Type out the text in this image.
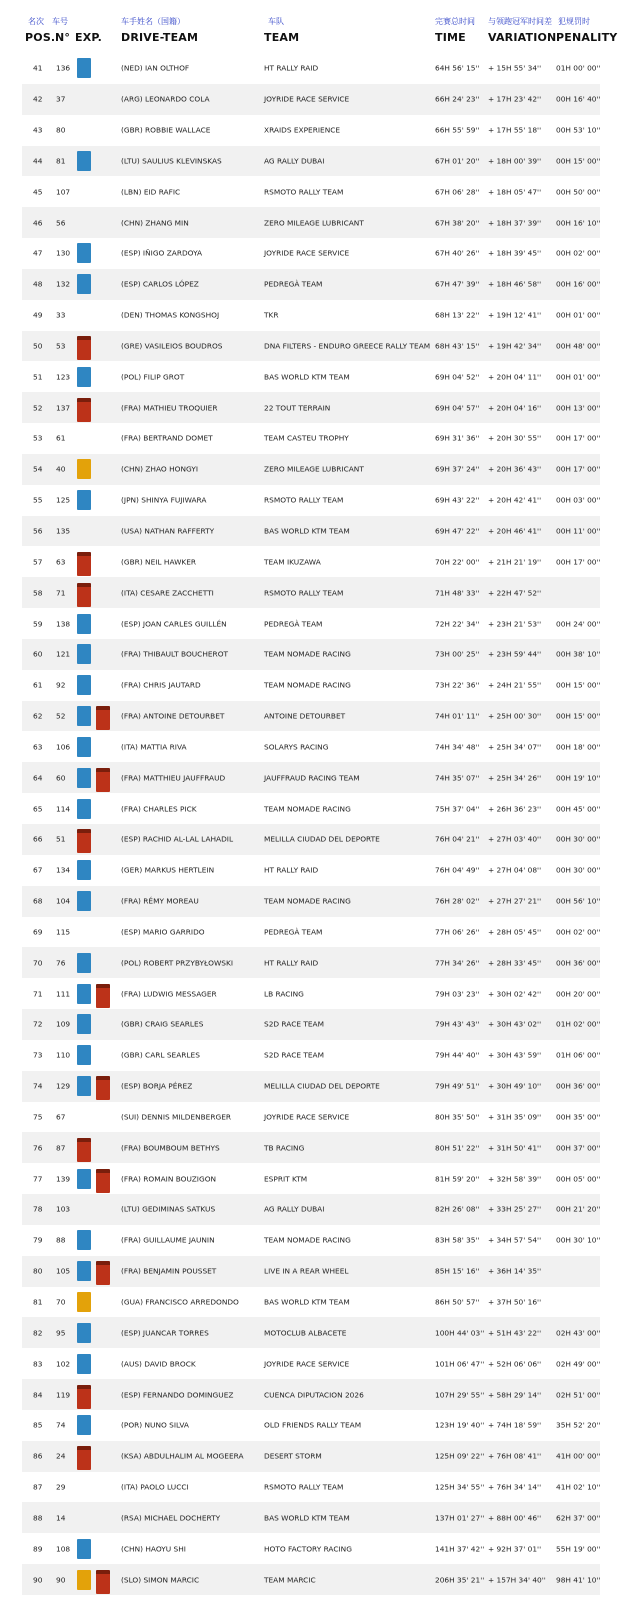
名次 车号	车手姓名（国籍）	车队	完赛总时间 与领跑冠军时间差 犯规罚时
POS. N° EXP. DRIVE-TEAM	TEAM	TIME VARIATION PENALITY
41 136	(NED) IAN OLTHOF	HT RALLY RAID	64H 56' 15'' + 15H 55' 34'' 01H 00' 00''
42 37	(ARG) LEONARDO COLA	JOYRIDE RACE SERVICE	66H 24' 23'' + 17H 23' 42'' 00H 16' 40''
43 80	(GBR) ROBBIE WALLACE	XRAIDS EXPERIENCE	66H 55' 59'' + 17H 55' 18'' 00H 53' 10''
44 81	(LTU) SAULIUS KLEVINSKAS	AG RALLY DUBAI	67H 01' 20'' + 18H 00' 39'' 00H 15' 00''
45 107	(LBN) EID RAFIC	RSMOTO RALLY TEAM	67H 06' 28'' + 18H 05' 47'' 00H 50' 00''
46 56	(CHN) ZHANG MIN	ZERO MILEAGE LUBRICANT	67H 38' 20'' + 18H 37' 39'' 00H 16' 10''
47 130	(ESP) IÑIGO ZARDOYA	JOYRIDE RACE SERVICE	67H 40' 26'' + 18H 39' 45'' 00H 02' 00''
48 132	(ESP) CARLOS LÓPEZ	PEDREGÀ TEAM	67H 47' 39'' + 18H 46' 58'' 00H 16' 00''
49 33	(DEN) THOMAS KONGSHOJ	TKR	68H 13' 22'' + 19H 12' 41'' 00H 01' 00''
50 53	(GRE) VASILEIOS BOUDROS	DNA FILTERS - ENDURO GREECE RALLY TEAM 68H 43' 15'' + 19H 42' 34'' 00H 48' 00''
51 123	(POL) FILIP GROT	BAS WORLD KTM TEAM	69H 04' 52'' + 20H 04' 11'' 00H 01' 00''
52 137	(FRA) MATHIEU TROQUIER	22 TOUT TERRAIN	69H 04' 57'' + 20H 04' 16'' 00H 13' 00''
53 61	(FRA) BERTRAND DOMET	TEAM CASTEU TROPHY	69H 31' 36'' + 20H 30' 55'' 00H 17' 00''
54 40	(CHN) ZHAO HONGYI	ZERO MILEAGE LUBRICANT	69H 37' 24'' + 20H 36' 43'' 00H 17' 00''
55 125	(JPN) SHINYA FUJIWARA	RSMOTO RALLY TEAM	69H 43' 22'' + 20H 42' 41'' 00H 03' 00''
56 135	(USA) NATHAN RAFFERTY	BAS WORLD KTM TEAM	69H 47' 22'' + 20H 46' 41'' 00H 11' 00''
57 63	(GBR) NEIL HAWKER	TEAM IKUZAWA	70H 22' 00'' + 21H 21' 19'' 00H 17' 00''
58 71	(ITA) CESARE ZACCHETTI	RSMOTO RALLY TEAM	71H 48' 33'' + 22H 47' 52''
59 138	(ESP) JOAN CARLES GUILLÉN	PEDREGÀ TEAM	72H 22' 34'' + 23H 21' 53'' 00H 24' 00''
60 121	(FRA) THIBAULT BOUCHEROT	TEAM NOMADE RACING	73H 00' 25'' + 23H 59' 44'' 00H 38' 10''
61 92	(FRA) CHRIS JAUTARD	TEAM NOMADE RACING	73H 22' 36'' + 24H 21' 55'' 00H 15' 00''
62 52	(FRA) ANTOINE DETOURBET	ANTOINE DETOURBET	74H 01' 11'' + 25H 00' 30'' 00H 15' 00''
63 106	(ITA) MATTIA RIVA	SOLARYS RACING	74H 34' 48'' + 25H 34' 07'' 00H 18' 00''
64 60	(FRA) MATTHIEU JAUFFRAUD	JAUFFRAUD RACING TEAM	74H 35' 07'' + 25H 34' 26'' 00H 19' 10''
65 114	(FRA) CHARLES PICK	TEAM NOMADE RACING	75H 37' 04'' + 26H 36' 23'' 00H 45' 00''
66 51	(ESP) RACHID AL-LAL LAHADIL	MELILLA CIUDAD DEL DEPORTE	76H 04' 21'' + 27H 03' 40'' 00H 30' 00''
67 134	(GER) MARKUS HERTLEIN	HT RALLY RAID	76H 04' 49'' + 27H 04' 08'' 00H 30' 00''
68 104	(FRA) RÉMY MOREAU	TEAM NOMADE RACING	76H 28' 02'' + 27H 27' 21'' 00H 56' 10''
69 115	(ESP) MARIO GARRIDO	PEDREGÀ TEAM	77H 06' 26'' + 28H 05' 45'' 00H 02' 00''
70 76	(POL) ROBERT PRZYBYŁOWSKI	HT RALLY RAID	77H 34' 26'' + 28H 33' 45'' 00H 36' 00''
71 111	(FRA) LUDWIG MESSAGER	LB RACING	79H 03' 23'' + 30H 02' 42'' 00H 20' 00''
72 109	(GBR) CRAIG SEARLES	S2D RACE TEAM	79H 43' 43'' + 30H 43' 02'' 01H 02' 00''
73 110	(GBR) CARL SEARLES	S2D RACE TEAM	79H 44' 40'' + 30H 43' 59'' 01H 06' 00''
74 129	(ESP) BORJA PÉREZ	MELILLA CIUDAD DEL DEPORTE	79H 49' 51'' + 30H 49' 10'' 00H 36' 00''
75 67	(SUI) DENNIS MILDENBERGER	JOYRIDE RACE SERVICE	80H 35' 50'' + 31H 35' 09'' 00H 35' 00''
76 87	(FRA) BOUMBOUM BETHYS	TB RACING	80H 51' 22'' + 31H 50' 41'' 00H 37' 00''
77 139	(FRA) ROMAIN BOUZIGON	ESPRIT KTM	81H 59' 20'' + 32H 58' 39'' 00H 05' 00''
78 103	(LTU) GEDIMINAS SATKUS	AG RALLY DUBAI	82H 26' 08'' + 33H 25' 27'' 00H 21' 20''
79 88	(FRA) GUILLAUME JAUNIN	TEAM NOMADE RACING	83H 58' 35'' + 34H 57' 54'' 00H 30' 10''
80 105	(FRA) BENJAMIN POUSSET	LIVE IN A REAR WHEEL	85H 15' 16'' + 36H 14' 35''
81 70	(GUA) FRANCISCO ARREDONDO	BAS WORLD KTM TEAM	86H 50' 57'' + 37H 50' 16''
82 95	(ESP) JUANCAR TORRES	MOTOCLUB ALBACETE	100H 44' 03'' + 51H 43' 22'' 02H 43' 00''
83 102	(AUS) DAVID BROCK	JOYRIDE RACE SERVICE	101H 06' 47'' + 52H 06' 06'' 02H 49' 00''
84 119	(ESP) FERNANDO DOMINGUEZ	CUENCA DIPUTACION 2026	107H 29' 55'' + 58H 29' 14'' 02H 51' 00''
85 74	(POR) NUNO SILVA	OLD FRIENDS RALLY TEAM	123H 19' 40'' + 74H 18' 59'' 35H 52' 20''
86 24	(KSA) ABDULHALIM AL MOGEERA	DESERT STORM	125H 09' 22'' + 76H 08' 41'' 41H 00' 00''
87 29	(ITA) PAOLO LUCCI	RSMOTO RALLY TEAM	125H 34' 55'' + 76H 34' 14'' 41H 02' 10''
88 14	(RSA) MICHAEL DOCHERTY	BAS WORLD KTM TEAM	137H 01' 27'' + 88H 00' 46'' 62H 37' 00''
89 108	(CHN) HAOYU SHI	HOTO FACTORY RACING	141H 37' 42'' + 92H 37' 01'' 55H 19' 00''
90 90	(SLO) SIMON MARCIC	TEAM MARCIC	206H 35' 21'' + 157H 34' 40'' 98H 41' 10''
